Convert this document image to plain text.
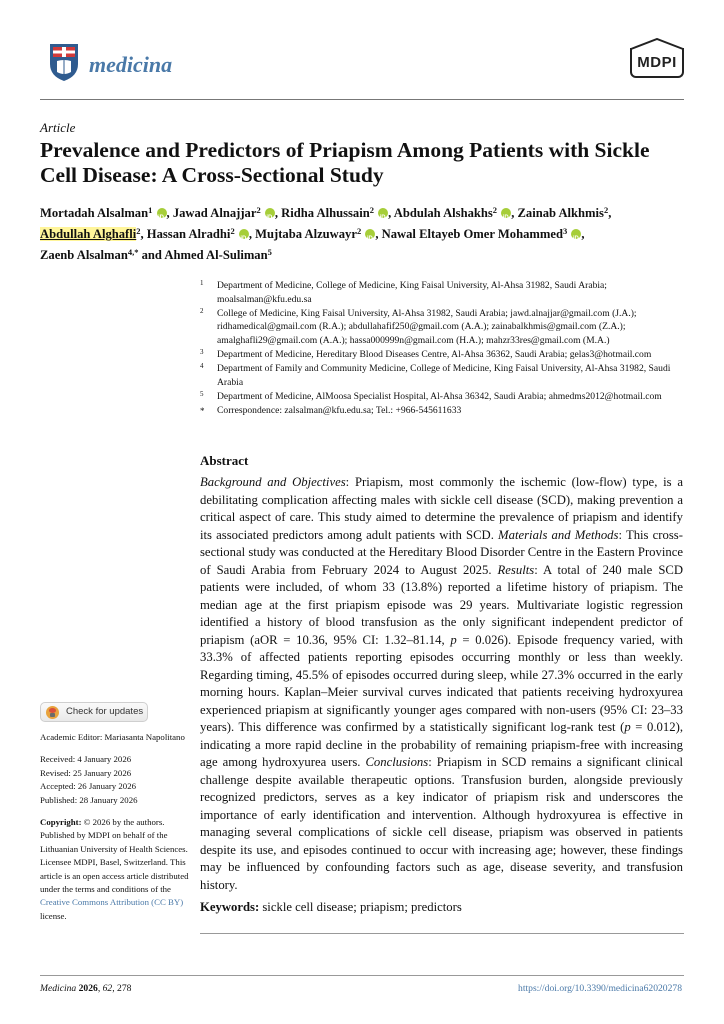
medicina	MDPI
Article
Prevalence and Predictors of Priapism Among Patients with Sickle Cell Disease: A Cross-Sectional Study
Mortadah Alsalman$^1$ iD , Jawad Alnajjar$^2$ iD , Ridha Alhussain$^2$ iD , Abdulah Alshakhs$^2$ iD , Zainab Alkhmis$^2$,
Abdullah Alghafli$^2$, Hassan Alradhi$^2$ iD , Mujtaba Alzuwayr$^2$ iD , Nawal Eltayeb Omer Mohammed$^3$ iD ,
Zaenb Alsalman$^{4,*}$ and Ahmed Al-Suliman$^5$
1 Department of Medicine, College of Medicine, King Faisal University, Al-Ahsa 31982, Saudi Arabia; moalsalman@kfu.edu.sa
2 College of Medicine, King Faisal University, Al-Ahsa 31982, Saudi Arabia; jawd.alnajjar@gmail.com (J.A.); ridhamedical@gmail.com (R.A.); abdullahafif250@gmail.com (A.A.); zainabalkhmis@gmail.com (Z.A.); amalghafli29@gmail.com (A.A.); hassa000999n@gmail.com (H.A.); mahzr33res@gmail.com (M.A.)
3 Department of Medicine, Hereditary Blood Diseases Centre, Al-Ahsa 36362, Saudi Arabia; gelas3@hotmail.com
4 Department of Family and Community Medicine, College of Medicine, King Faisal University, Al-Ahsa 31982, Saudi Arabia
5 Department of Medicine, AlMoosa Specialist Hospital, Al-Ahsa 36342, Saudi Arabia; ahmedms2012@hotmail.com
* Correspondence: zalsalman@kfu.edu.sa; Tel.: +966-545611633
Abstract

Background and Objectives: Priapism, most commonly the ischemic (low-flow) type, is a debilitating complication affecting males with sickle cell disease (SCD), making prevention a critical aspect of care. This study aimed to determine the prevalence of priapism and identify its associated predictors among adult patients with SCD. Materials and Methods: This cross-sectional study was conducted at the Hereditary Blood Disorder Centre in the Eastern Province of Saudi Arabia from February 2024 to August 2025. Results: A total of 240 male SCD patients were included, of whom 33 (13.8%) reported a lifetime history of priapism. The median age at the first priapism episode was 29 years. Multivariate logistic regression identified a history of blood transfusion as the only significant independent predictor of priapism (aOR = 10.36, 95% CI: 1.32–81.14, p = 0.026). Episode frequency varied, with 33.3% of affected patients reporting episodes occurring monthly or less than weekly. Regarding timing, 45.5% of episodes occurred during sleep, while 27.3% occurred in the early morning hours. Kaplan–Meier survival curves indicated that patients receiving hydroxyurea experienced priapism at significantly younger ages compared with non-users (95% CI: 23–33 years). This difference was confirmed by a statistically significant log-rank test (p = 0.012), indicating a more rapid decline in the probability of remaining priapism-free with increasing age among hydroxyurea users. Conclusions: Priapism in SCD remains a significant clinical challenge despite available therapeutic options. Transfusion burden, alongside previously recognized predictors, serves as a key indicator of priapism risk and underscores the importance of early identification and intervention. Although hydroxyurea is effective in managing several complications of sickle cell disease, priapism was observed in patients despite its use, and episodes continued to occur with increasing age; however, these findings may be influenced by confounding factors such as age, disease severity, and transfusion history.

Keywords: sickle cell disease; priapism; predictors
Check for updates
Academic Editor: Mariasanta Napolitano
Received: 4 January 2026
Revised: 25 January 2026
Accepted: 26 January 2026
Published: 28 January 2026
Copyright: © 2026 by the authors. Published by MDPI on behalf of the Lithuanian University of Health Sciences. Licensee MDPI, Basel, Switzerland. This article is an open access article distributed under the terms and conditions of the Creative Commons Attribution (CC BY) license.
Medicina 2026, 62, 278	https://doi.org/10.3390/medicina62020278
